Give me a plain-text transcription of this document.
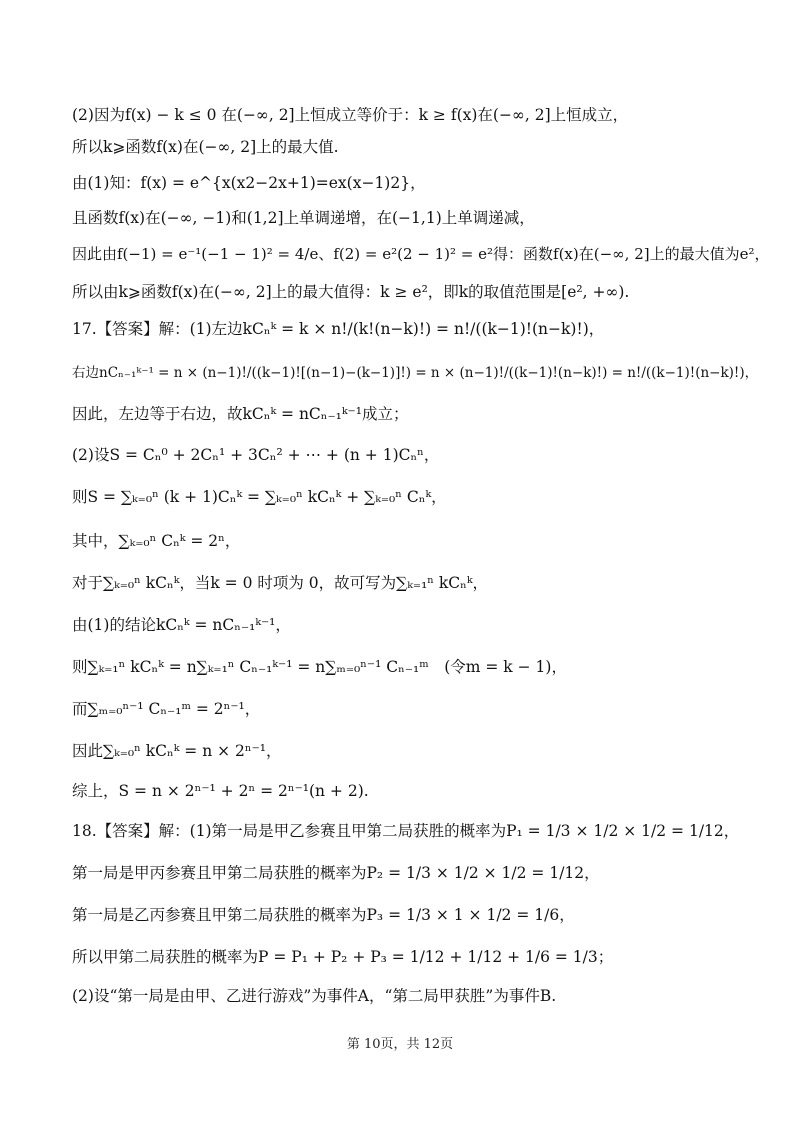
(2)因为f(x) − k ≤ 0 在(−∞, 2]上恒成立等价于：k ≥ f(x)在(−∞, 2]上恒成立，
所以k⩾函数f(x)在(−∞, 2]上的最大值.
由(1)知：f(x) = e^{x(x2−2x+1)=ex(x−1)2}，
且函数f(x)在(−∞, −1)和(1,2]上单调递增，在(−1,1)上单调递减，
因此由f(−1) = e⁻¹(−1 − 1)² = 4/e、f(2) = e²(2 − 1)² = e²得：函数f(x)在(−∞, 2]上的最大值为e²，
所以由k⩾函数f(x)在(−∞, 2]上的最大值得：k ≥ e²，即k的取值范围是[e², +∞).
17.【答案】解：(1)左边kCₙᵏ = k × n!/(k!(n−k)!) = n!/((k−1)!(n−k)!)，
右边nCₙ₋₁ᵏ⁻¹ = n × (n−1)!/((k−1)![(n−1)−(k−1)]!) = n × (n−1)!/((k−1)!(n−k)!) = n!/((k−1)!(n−k)!)，
因此，左边等于右边，故kCₙᵏ = nCₙ₋₁ᵏ⁻¹成立；
(2)设S = Cₙ⁰ + 2Cₙ¹ + 3Cₙ² + ⋯ + (n + 1)Cₙⁿ，
则S = ∑ₖ₌₀ⁿ (k + 1)Cₙᵏ = ∑ₖ₌₀ⁿ kCₙᵏ + ∑ₖ₌₀ⁿ Cₙᵏ，
其中，∑ₖ₌₀ⁿ Cₙᵏ = 2ⁿ，
对于∑ₖ₌₀ⁿ kCₙᵏ，当k = 0 时项为 0，故可写为∑ₖ₌₁ⁿ kCₙᵏ，
由(1)的结论kCₙᵏ = nCₙ₋₁ᵏ⁻¹，
则∑ₖ₌₁ⁿ kCₙᵏ = n∑ₖ₌₁ⁿ Cₙ₋₁ᵏ⁻¹ = n∑ₘ₌₀ⁿ⁻¹ Cₙ₋₁ᵐ　(令m = k − 1)，
而∑ₘ₌₀ⁿ⁻¹ Cₙ₋₁ᵐ = 2ⁿ⁻¹，
因此∑ₖ₌₀ⁿ kCₙᵏ = n × 2ⁿ⁻¹，
综上，S = n × 2ⁿ⁻¹ + 2ⁿ = 2ⁿ⁻¹(n + 2).
18.【答案】解：(1)第一局是甲乙参赛且甲第二局获胜的概率为P₁ = 1/3 × 1/2 × 1/2 = 1/12，
第一局是甲丙参赛且甲第二局获胜的概率为P₂ = 1/3 × 1/2 × 1/2 = 1/12，
第一局是乙丙参赛且甲第二局获胜的概率为P₃ = 1/3 × 1 × 1/2 = 1/6，
所以甲第二局获胜的概率为P = P₁ + P₂ + P₃ = 1/12 + 1/12 + 1/6 = 1/3；
(2)设“第一局是由甲、乙进行游戏”为事件A，“第二局甲获胜”为事件B.
第 10页，共 12页
